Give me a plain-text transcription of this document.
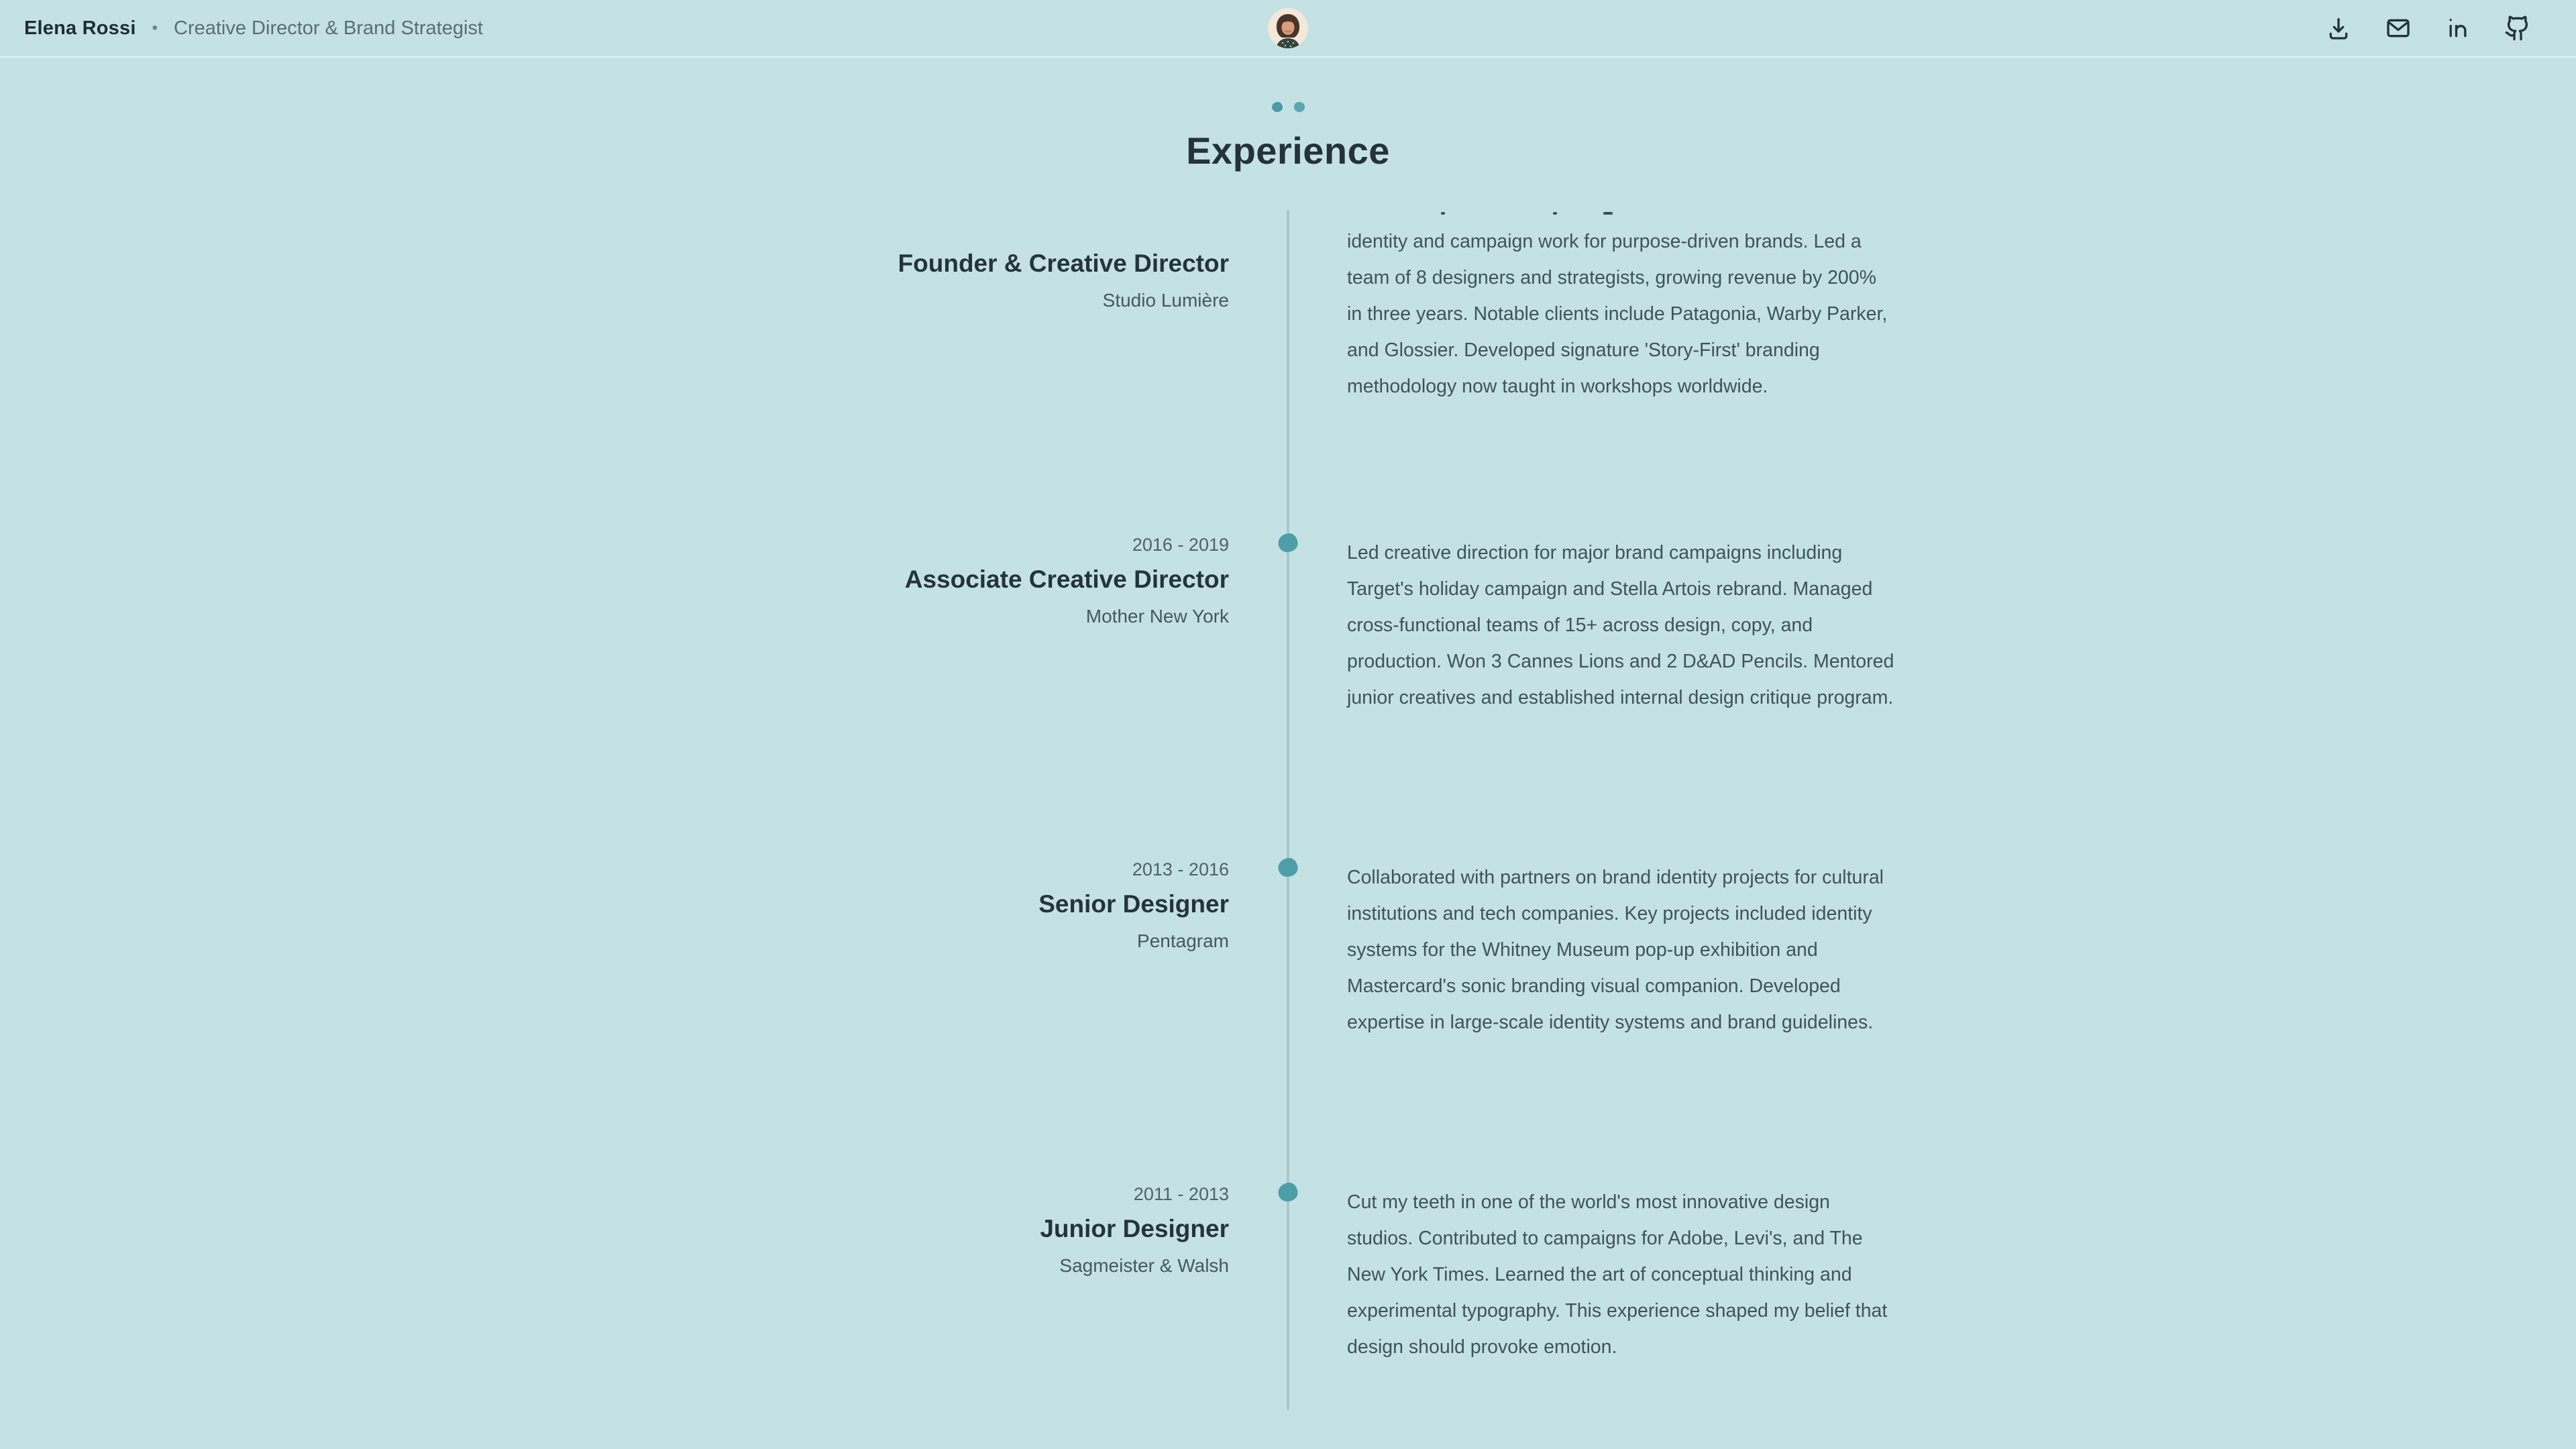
Elena Rossi • Creative Director & Brand Strategist
Experience
Founder & Creative Director
Studio Lumière

identity and campaign work for purpose-driven brands. Led a team of 8 designers and strategists, growing revenue by 200% in three years. Notable clients include Patagonia, Warby Parker, and Glossier. Developed signature 'Story-First' branding methodology now taught in workshops worldwide.

2016 - 2019
Associate Creative Director
Mother New York

Led creative direction for major brand campaigns including Target's holiday campaign and Stella Artois rebrand. Managed cross-functional teams of 15+ across design, copy, and production. Won 3 Cannes Lions and 2 D&AD Pencils. Mentored junior creatives and established internal design critique program.

2013 - 2016
Senior Designer
Pentagram

Collaborated with partners on brand identity projects for cultural institutions and tech companies. Key projects included identity systems for the Whitney Museum pop-up exhibition and Mastercard's sonic branding visual companion. Developed expertise in large-scale identity systems and brand guidelines.

2011 - 2013
Junior Designer
Sagmeister & Walsh

Cut my teeth in one of the world's most innovative design studios. Contributed to campaigns for Adobe, Levi's, and The New York Times. Learned the art of conceptual thinking and experimental typography. This experience shaped my belief that design should provoke emotion.
